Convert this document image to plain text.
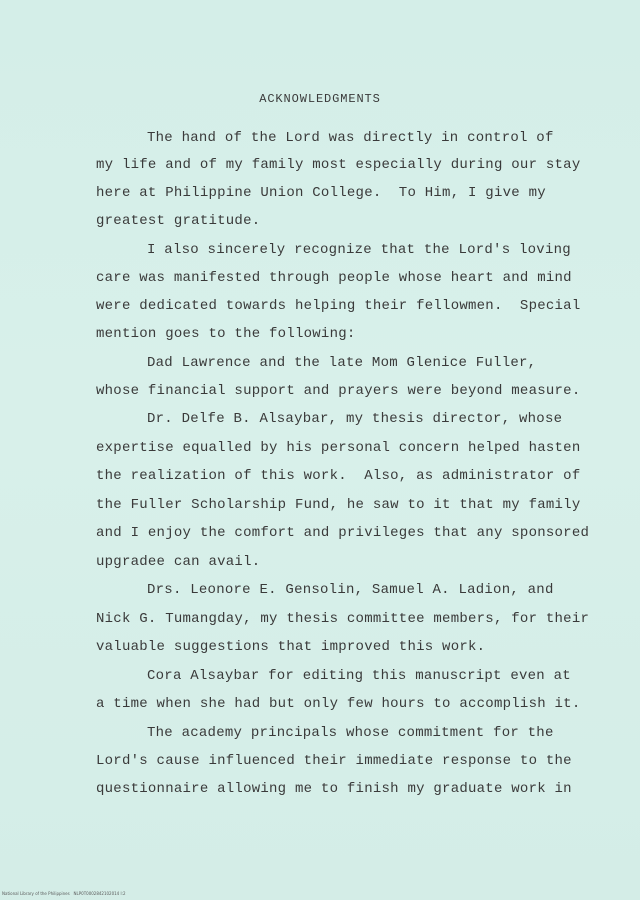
ACKNOWLEDGMENTS
The hand of the Lord was directly in control of
my life and of my family most especially during our stay
here at Philippine Union College.  To Him, I give my
greatest gratitude.
I also sincerely recognize that the Lord's loving
care was manifested through people whose heart and mind
were dedicated towards helping their fellowmen.  Special
mention goes to the following:
Dad Lawrence and the late Mom Glenice Fuller,
whose financial support and prayers were beyond measure.
Dr. Delfe B. Alsaybar, my thesis director, whose
expertise equalled by his personal concern helped hasten
the realization of this work.  Also, as administrator of
the Fuller Scholarship Fund, he saw to it that my family
and I enjoy the comfort and privileges that any sponsored
upgradee can avail.
Drs. Leonore E. Gensolin, Samuel A. Ladion, and
Nick G. Tumangday, my thesis committee members, for their
valuable suggestions that improved this work.
Cora Alsaybar for editing this manuscript even at
a time when she had but only few hours to accomplish it.
The academy principals whose commitment for the
Lord's cause influenced their immediate response to the
questionnaire allowing me to finish my graduate work in
National Library of the Philippines   NLP0T0002842102014 l:2
